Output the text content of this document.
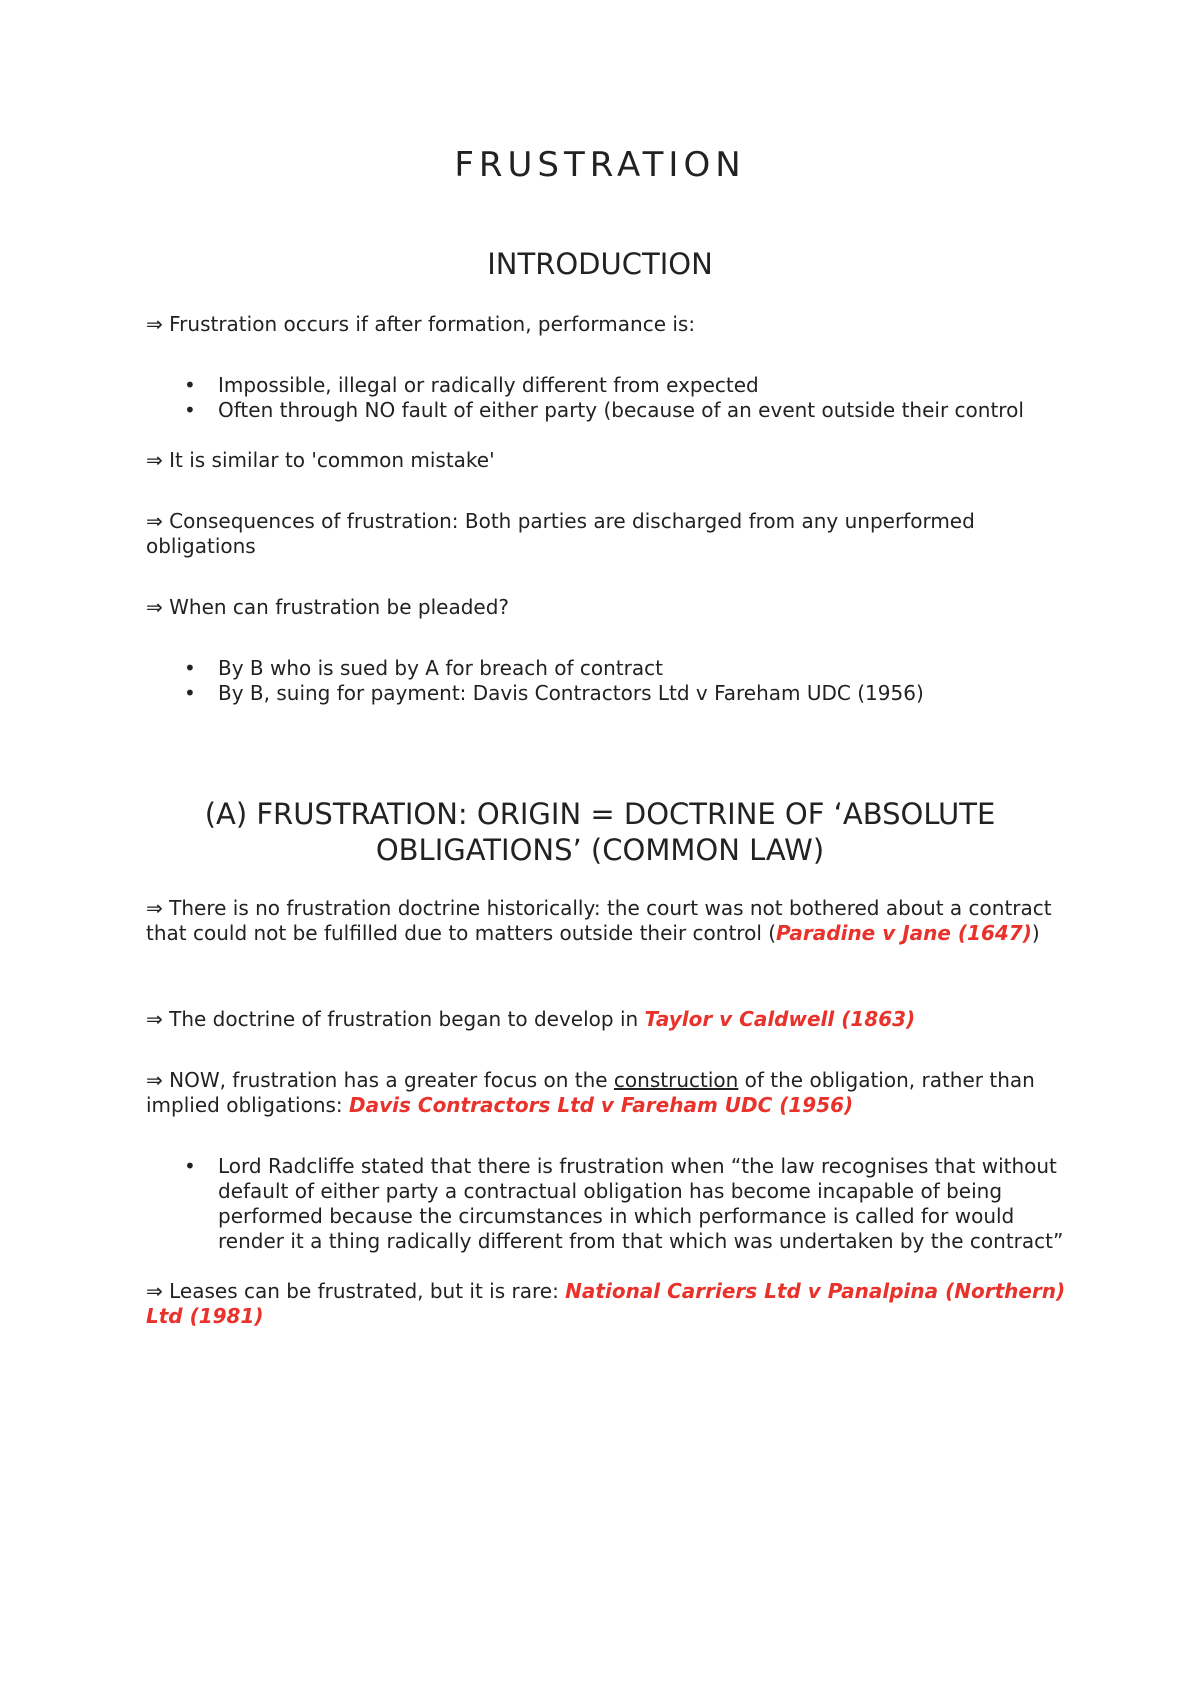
FRUSTRATION
INTRODUCTION

⇒ Frustration occurs if after formation, performance is:

• Impossible, illegal or radically different from expected
• Often through NO fault of either party (because of an event outside their control

⇒ It is similar to 'common mistake'

⇒ Consequences of frustration: Both parties are discharged from any unperformed obligations

⇒ When can frustration be pleaded?

• By B who is sued by A for breach of contract
• By B, suing for payment: Davis Contractors Ltd v Fareham UDC (1956)
(A) FRUSTRATION: ORIGIN = DOCTRINE OF ‘ABSOLUTE OBLIGATIONS’ (COMMON LAW)

⇒ There is no frustration doctrine historically: the court was not bothered about a contract that could not be fulfilled due to matters outside their control (Paradine v Jane (1647))

⇒ The doctrine of frustration began to develop in Taylor v Caldwell (1863)

⇒ NOW, frustration has a greater focus on the construction of the obligation, rather than implied obligations: Davis Contractors Ltd v Fareham UDC (1956)

• Lord Radcliffe stated that there is frustration when “the law recognises that without default of either party a contractual obligation has become incapable of being performed because the circumstances in which performance is called for would render it a thing radically different from that which was undertaken by the contract”

⇒ Leases can be frustrated, but it is rare: National Carriers Ltd v Panalpina (Northern) Ltd (1981)
